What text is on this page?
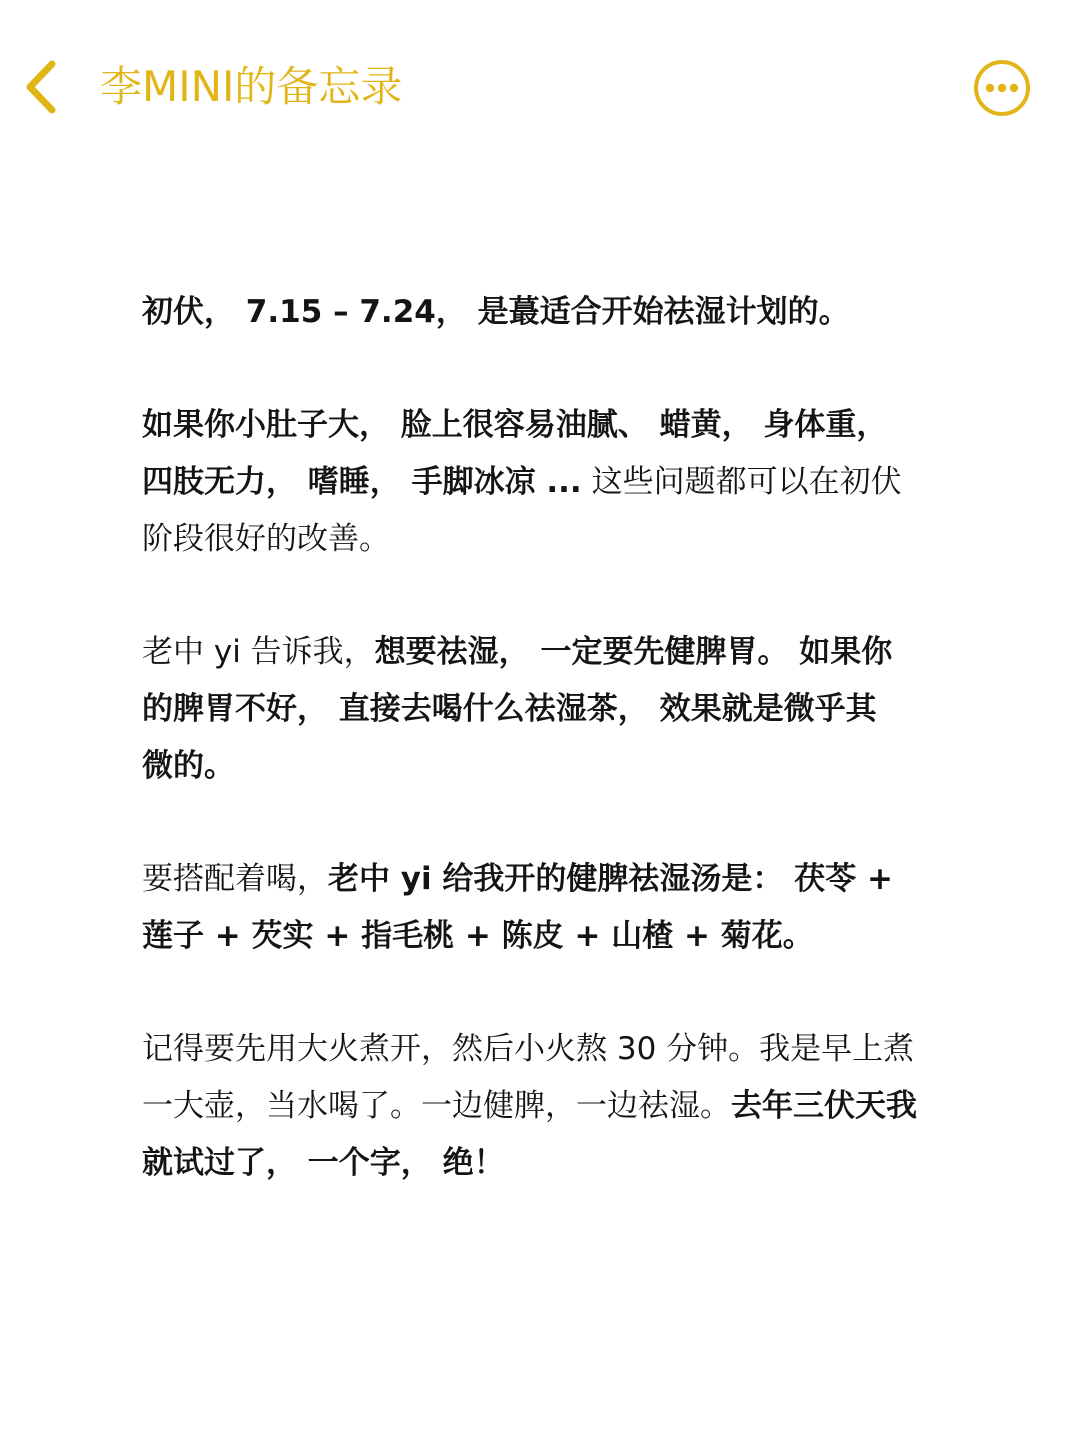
李MINI的备忘录

初伏， 7.15 – 7.24， 是蕞适合开始祛湿计划的。

如果你小肚子大， 脸上很容易油腻、 蜡黄， 身体重，
四肢无力， 嗜睡， 手脚冰凉 ... 这些问题都可以在初伏
阶段很好的改善。

老中 yi 告诉我，想要祛湿， 一定要先健脾胃。 如果你
的脾胃不好， 直接去喝什么祛湿茶， 效果就是微乎其
微的。

要搭配着喝，老中 yi 给我开的健脾祛湿汤是： 茯苓 +
莲子 + 芡实 + 指毛桃 + 陈皮 + 山楂 + 菊花。

记得要先用大火煮开，然后小火熬 30 分钟。我是早上煮
一大壶，当水喝了。一边健脾，一边祛湿。去年三伏天我
就试过了， 一个字， 绝！
